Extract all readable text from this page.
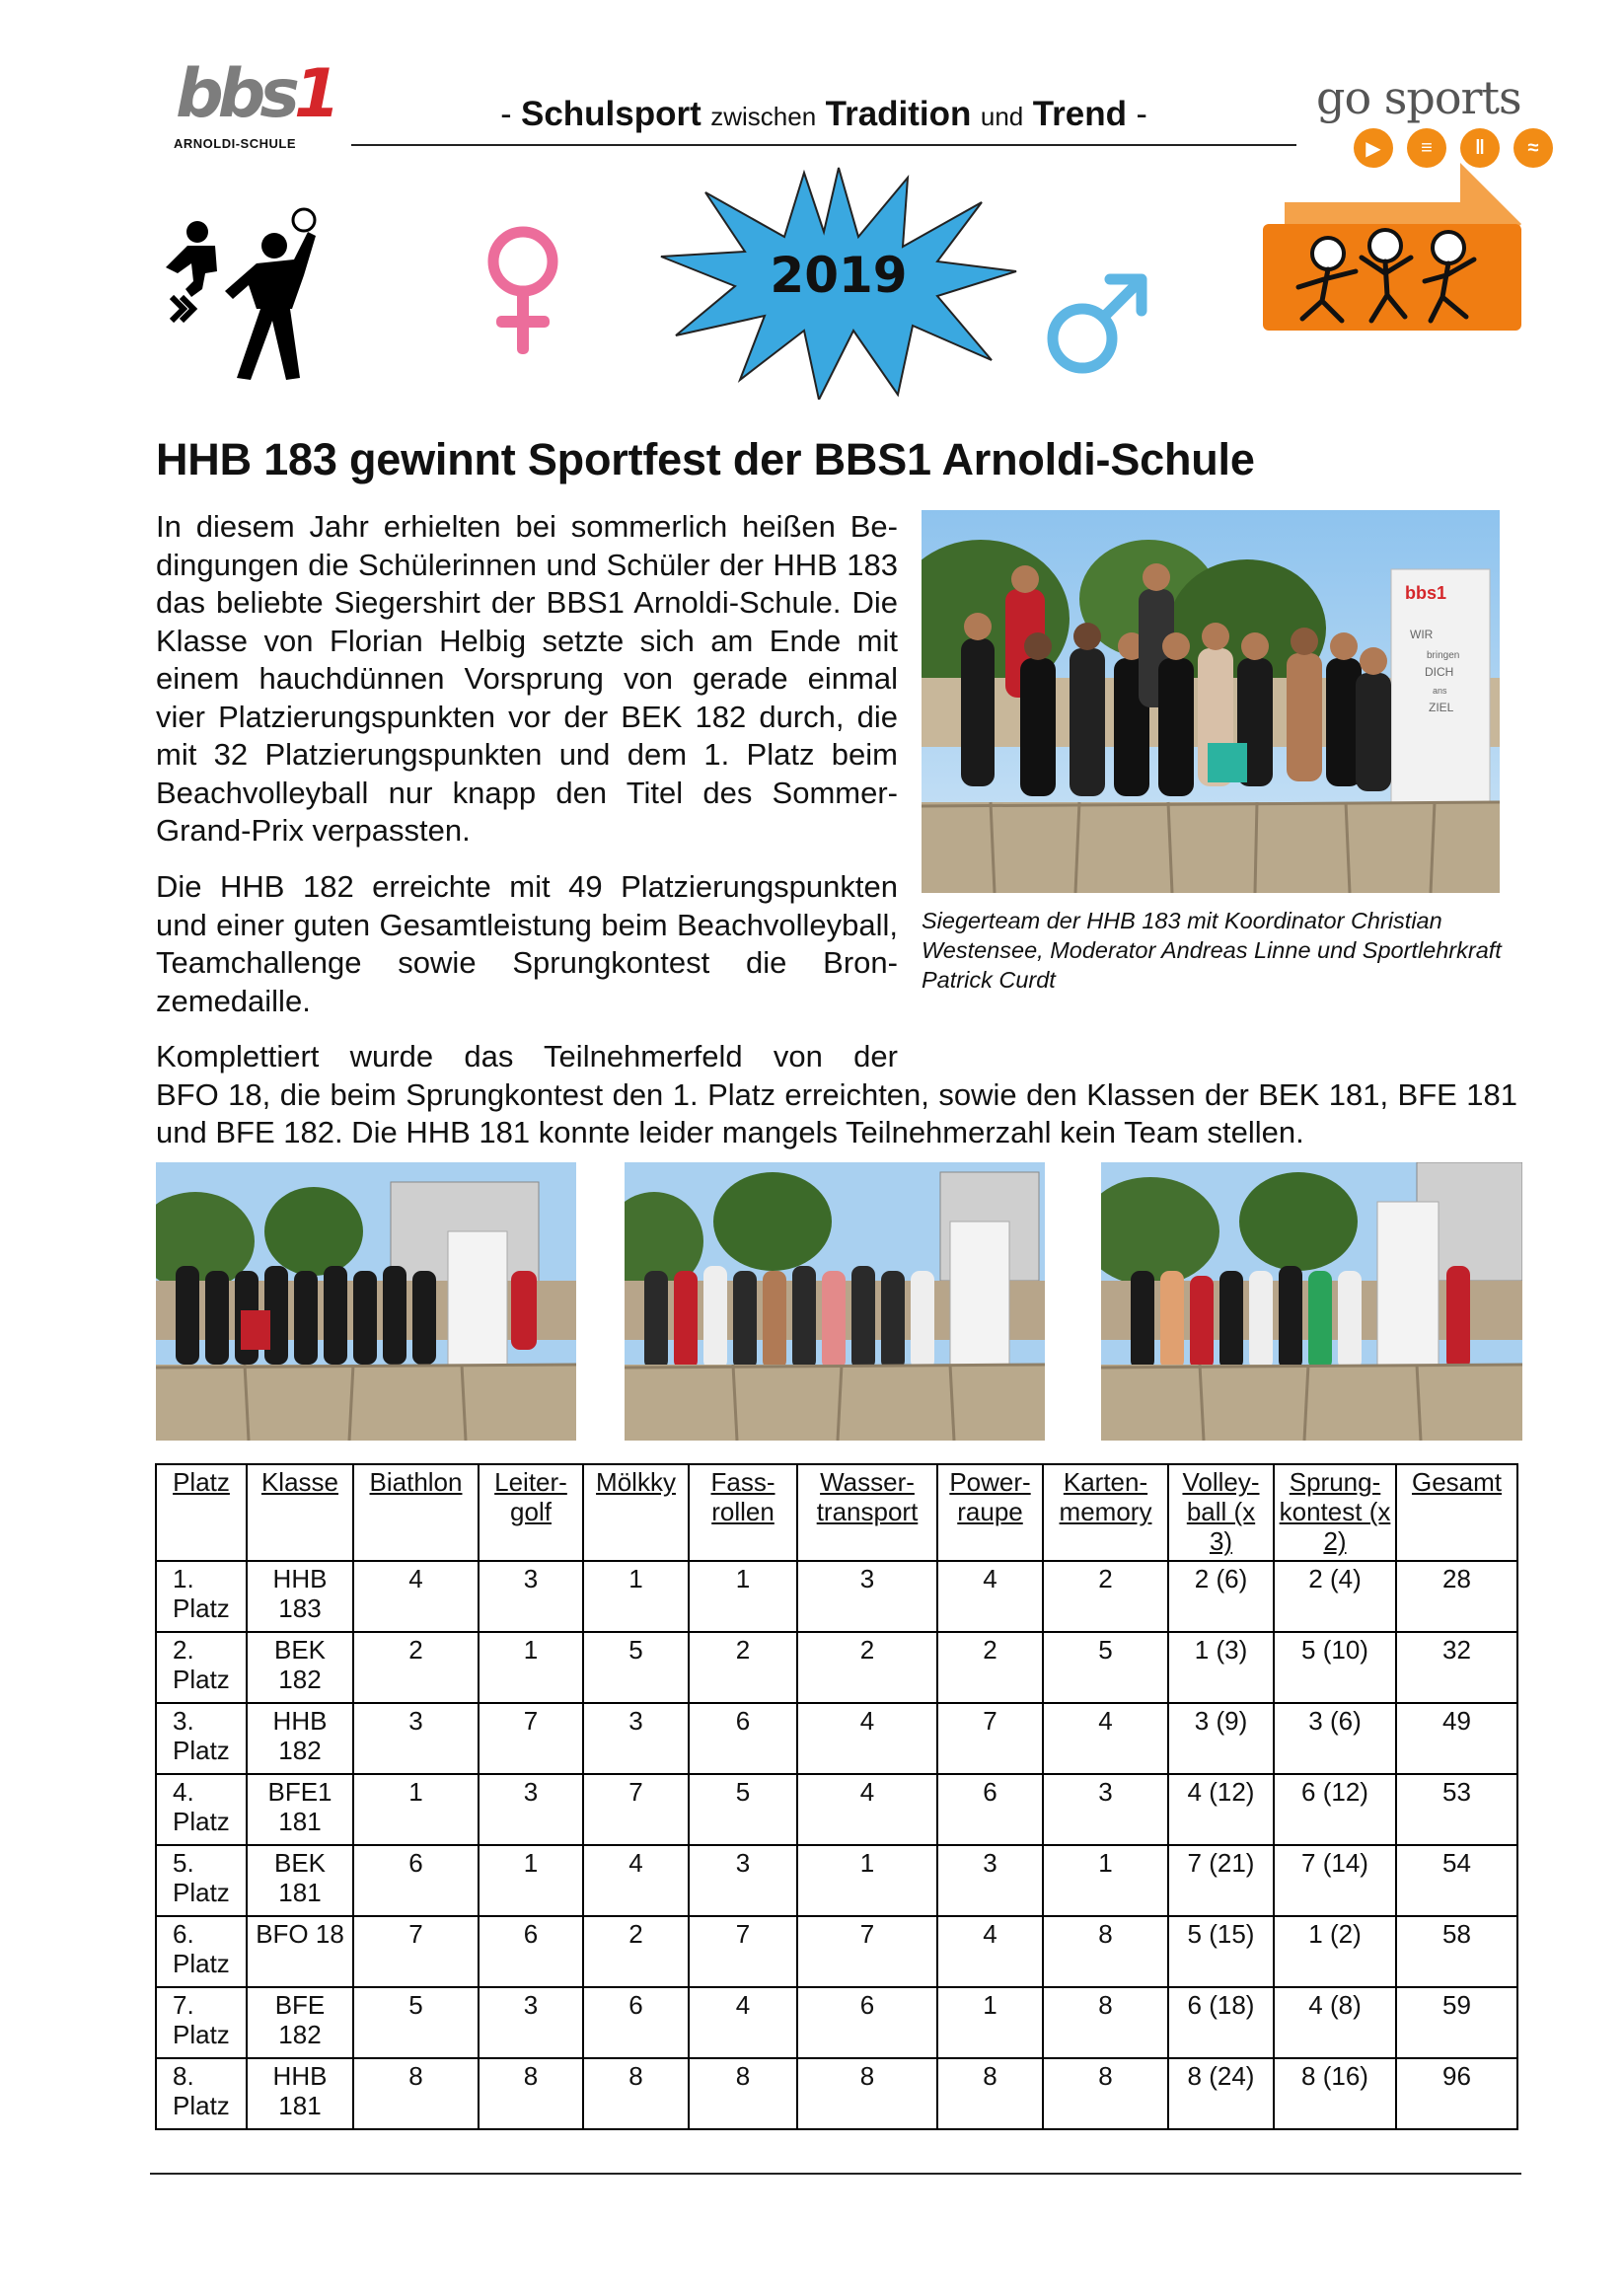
bbs1
ARNOLDI-SCHULE
- Schulsport zwischen Tradition und Trend -	go sports
▶	≡	‖	≈
2019
HHB 183 gewinnt Sportfest der BBS1 Arnoldi-Schule

In diesem Jahr erhielten bei sommerlich heißen Bedingungen die Schülerinnen und Schüler der HHB 183 das beliebte Siegershirt der BBS1 Arnoldi-Schule. Die Klasse von Florian Helbig setzte sich am Ende mit einem hauchdünnen Vorsprung von gerade einmal vier Platzierungspunkten vor der BEK 182 durch, die mit 32 Platzierungspunkten und dem 1. Platz beim Beachvolleyball nur knapp den Titel des Sommer-Grand-Prix verpassten.

Die HHB 182 erreichte mit 49 Platzierungspunkten und einer guten Gesamtleistung beim Beachvolleyball, Teamchallenge sowie Sprungkontest die Bronzemedaille.

Komplettiert wurde das Teilnehmerfeld von der
BFO 18, die beim Sprungkontest den 1. Platz erreichten, sowie den Klassen der BEK 181, BFE 181 und BFE 182. Die HHB 181 konnte leider mangels Teilnehmerzahl kein Team stellen.

bbs1
WIR
bringen
DICH
ans
ZIEL

Siegerteam der HHB 183 mit Koordinator Christian Westensee, Moderator Andreas Linne und Sportlehrkraft Patrick Curdt

Platz	Klasse	Biathlon	Leiter-golf	Mölkky	Fass-rollen	Wasser-transport	Power-raupe	Karten-memory	Volley-ball (x 3)	Sprung-kontest (x 2)	Gesamt
1. Platz	HHB 183	4	3	1	1	3	4	2	2 (6)	2 (4)	28
2. Platz	BEK 182	2	1	5	2	2	2	5	1 (3)	5 (10)	32
3. Platz	HHB 182	3	7	3	6	4	7	4	3 (9)	3 (6)	49
4. Platz	BFE1 181	1	3	7	5	4	6	3	4 (12)	6 (12)	53
5. Platz	BEK 181	6	1	4	3	1	3	1	7 (21)	7 (14)	54
6. Platz	BFO 18	7	6	2	7	7	4	8	5 (15)	1 (2)	58
7. Platz	BFE 182	5	3	6	4	6	1	8	6 (18)	4 (8)	59
8. Platz	HHB 181	8	8	8	8	8	8	8	8 (24)	8 (16)	96
